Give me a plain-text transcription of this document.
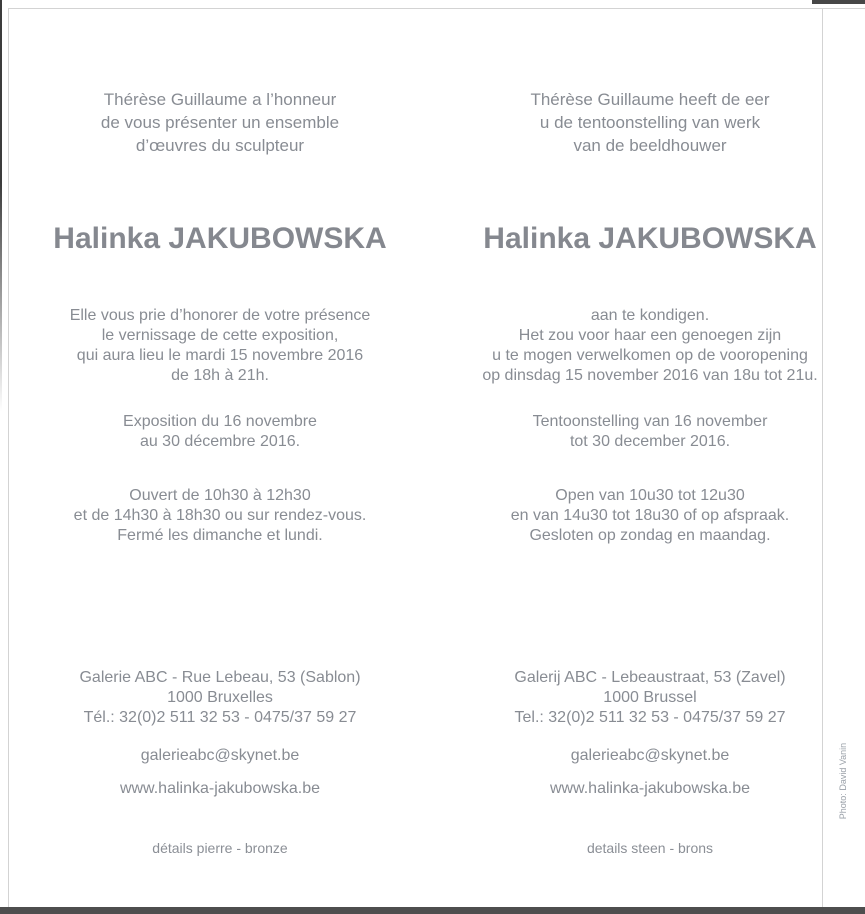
Thérèse Guillaume a l’honneur
de vous présenter un ensemble
d’œuvres du sculpteur
Halinka JAKUBOWSKA
Elle vous prie d’honorer de votre présence
le vernissage de cette exposition,
qui aura lieu le mardi 15 novembre 2016
de 18h à 21h.
Exposition du 16 novembre
au 30 décembre 2016.
Ouvert de 10h30 à 12h30
et de 14h30 à 18h30 ou sur rendez-vous.
Fermé les dimanche et lundi.
Galerie ABC - Rue Lebeau, 53 (Sablon)
1000 Bruxelles
Tél.: 32(0)2 511 32 53 - 0475/37 59 27
galerieabc@skynet.be
www.halinka-jakubowska.be
détails pierre - bronze
Thérèse Guillaume heeft de eer
u de tentoonstelling van werk
van de beeldhouwer
Halinka JAKUBOWSKA
aan te kondigen.
Het zou voor haar een genoegen zijn
u te mogen verwelkomen op de vooropening
op dinsdag 15 november 2016 van 18u tot 21u.
Tentoonstelling van 16 november
tot 30 december 2016.
Open van 10u30 tot 12u30
en van 14u30 tot 18u30 of op afspraak.
Gesloten op zondag en maandag.
Galerij ABC - Lebeaustraat, 53 (Zavel)
1000 Brussel
Tel.: 32(0)2 511 32 53 - 0475/37 59 27
galerieabc@skynet.be
www.halinka-jakubowska.be
details steen - brons
Photo: David Vanin
